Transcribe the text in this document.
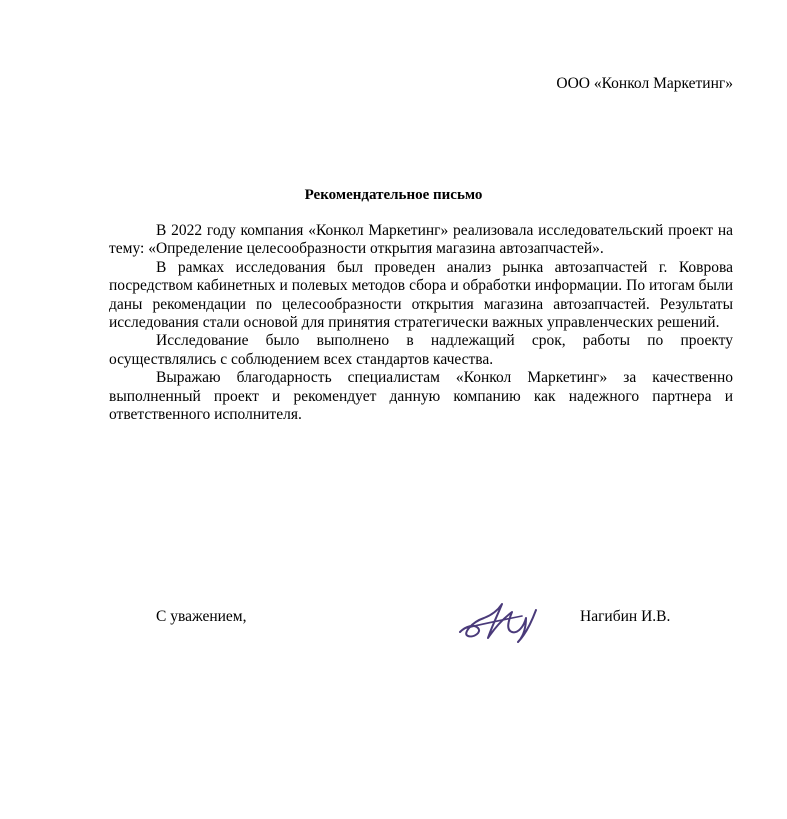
ООО «Конкол Маркетинг»
Рекомендательное письмо

В 2022 году компания «Конкол Маркетинг» реализовала исследовательский проект на тему: «Определение целесообразности открытия магазина автозапчастей».

В рамках исследования был проведен анализ рынка автозапчастей г. Коврова посредством кабинетных и полевых методов сбора и обработки информации. По итогам были даны рекомендации по целесообразности открытия магазина автозапчастей. Результаты исследования стали основой для принятия стратегически важных управленческих решений.

Исследование было выполнено в надлежащий срок, работы по проекту осуществлялись с соблюдением всех стандартов качества.

Выражаю благодарность специалистам «Конкол Маркетинг» за качественно выполненный проект и рекомендует данную компанию как надежного партнера и ответственного исполнителя.

С уважением,	Нагибин И.В.
